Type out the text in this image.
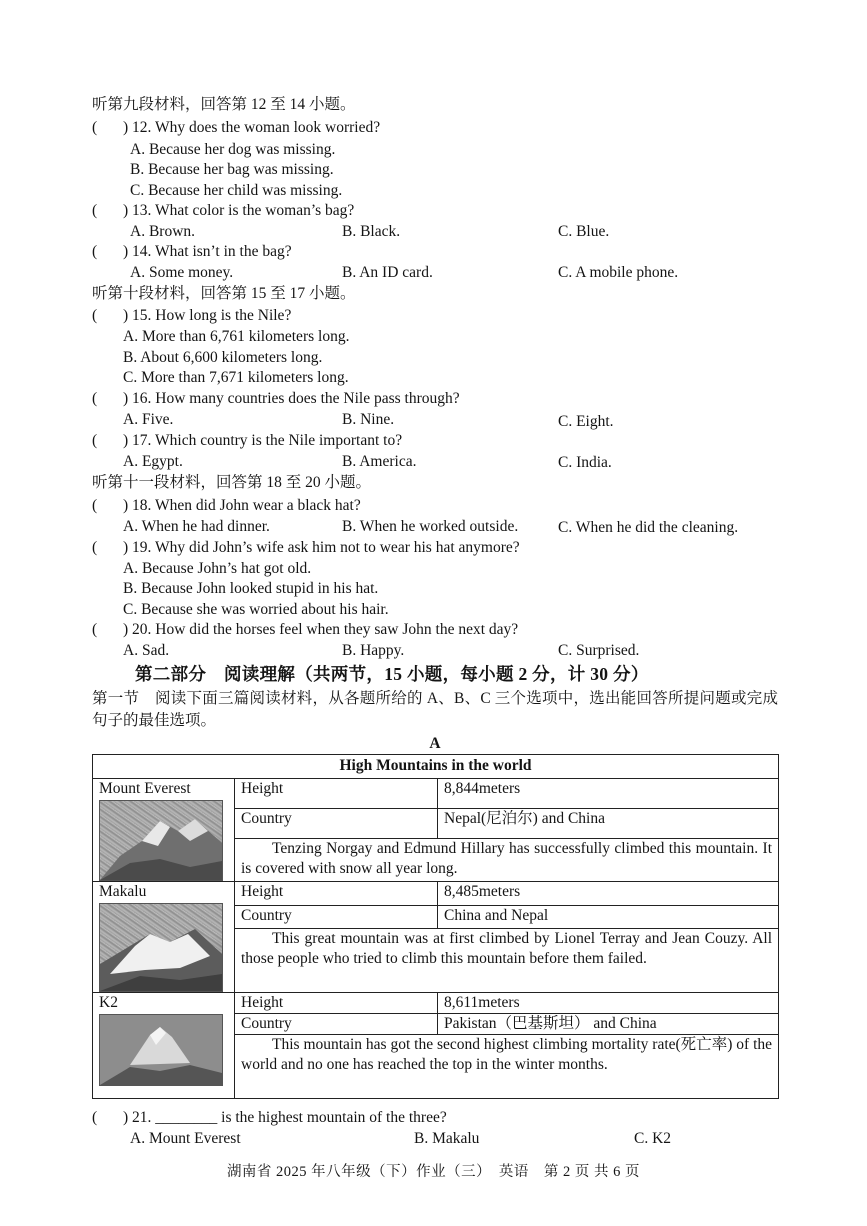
听第九段材料，回答第 12 至 14 小题。
( ) 12. Why does the woman look worried?
A. Because her dog was missing.
B. Because her bag was missing.
C. Because her child was missing.
( ) 13. What color is the woman’s bag?
A. Brown.	B. Black.	C. Blue.
( ) 14. What isn’t in the bag?
A. Some money.	B. An ID card.	C. A mobile phone.
听第十段材料，回答第 15 至 17 小题。
( ) 15. How long is the Nile?
A. More than 6,761 kilometers long.
B. About 6,600 kilometers long.
C. More than 7,671 kilometers long.
( ) 16. How many countries does the Nile pass through?
A. Five.	B. Nine.	C. Eight.
( ) 17. Which country is the Nile important to?
A. Egypt.	B. America.	C. India.
听第十一段材料，回答第 18 至 20 小题。
( ) 18. When did John wear a black hat?
A. When he had dinner.	B. When he worked outside.	C. When he did the cleaning.
( ) 19. Why did John’s wife ask him not to wear his hat anymore?
A. Because John’s hat got old.
B. Because John looked stupid in his hat.
C. Because she was worried about his hair.
( ) 20. How did the horses feel when they saw John the next day?
A. Sad.	B. Happy.	C. Surprised.
第二部分　阅读理解（共两节，15 小题，每小题 2 分，计 30 分）
第一节　阅读下面三篇阅读材料，从各题所给的 A、B、C 三个选项中，选出能回答所提问题或完成句子的最佳选项。
A
High Mountains in the world		

Mount Everest	Height	8,844meters
	Country	Nepal(尼泊尔) and China
	Tenzing Norgay and Edmund Hillary has successfully climbed this mountain. It is covered with snow all year long.	

Makalu	Height	8,485meters
	Country	China and Nepal
	This great mountain was at first climbed by Lionel Terray and Jean Couzy. All those people who tried to climb this mountain before them failed.	

K2	Height	8,611meters
	Country	Pakistan（巴基斯坦） and China
	This mountain has got the second highest climbing mortality rate(死亡率) of the world and no one has reached the top in the winter months.	
( ) 21. ________ is the highest mountain of the three?
A. Mount Everest	B. Makalu	C. K2
湖南省 2025 年八年级（下）作业（三）　英语　第 2 页 共 6 页
